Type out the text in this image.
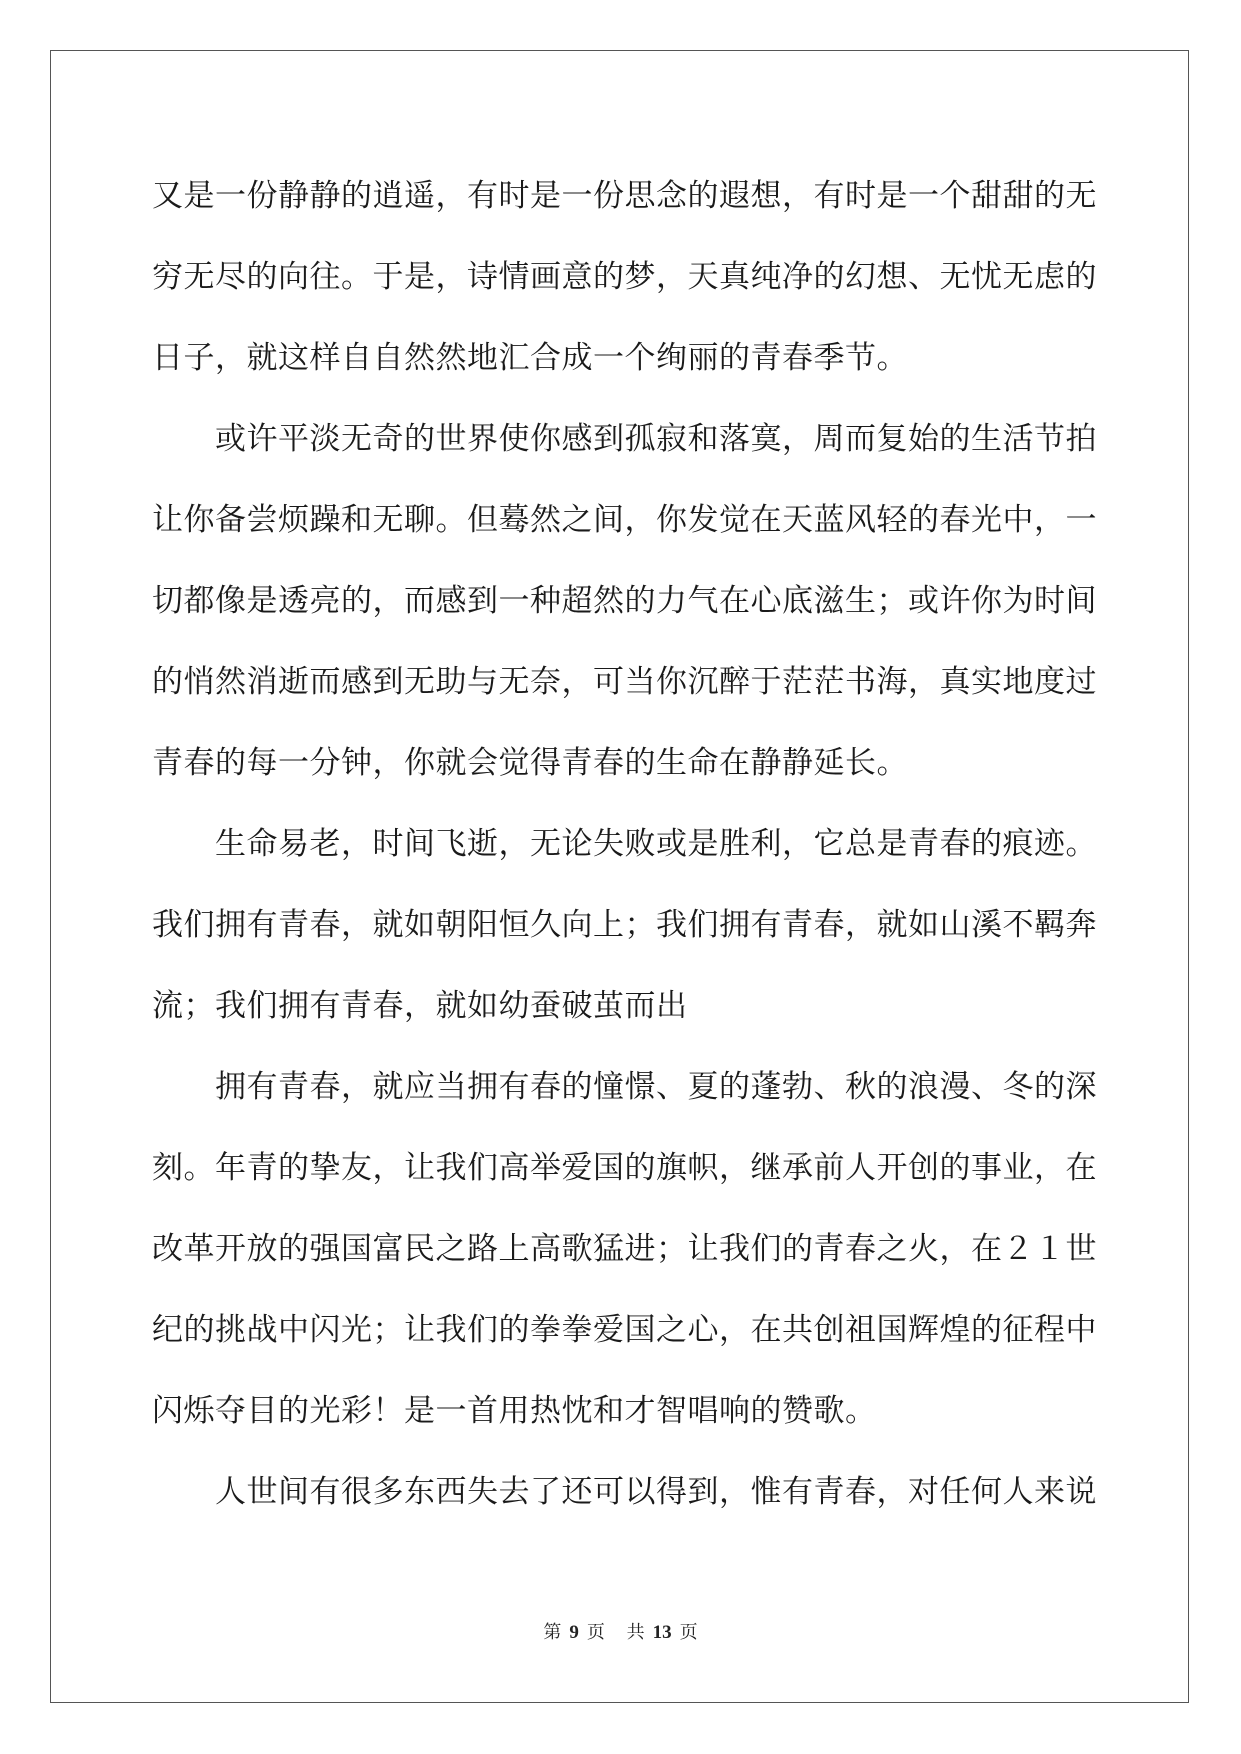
又是一份静静的逍遥，有时是一份思念的遐想，有时是一个甜甜的无
穷无尽的向往。于是，诗情画意的梦，天真纯净的幻想、无忧无虑的
日子，就这样自自然然地汇合成一个绚丽的青春季节。
　　或许平淡无奇的世界使你感到孤寂和落寞，周而复始的生活节拍
让你备尝烦躁和无聊。但蓦然之间，你发觉在天蓝风轻的春光中，一
切都像是透亮的，而感到一种超然的力气在心底滋生；或许你为时间
的悄然消逝而感到无助与无奈，可当你沉醉于茫茫书海，真实地度过
青春的每一分钟，你就会觉得青春的生命在静静延长。
　　生命易老，时间飞逝，无论失败或是胜利，它总是青春的痕迹。
我们拥有青春，就如朝阳恒久向上；我们拥有青春，就如山溪不羁奔
流；我们拥有青春，就如幼蚕破茧而出
　　拥有青春，就应当拥有春的憧憬、夏的蓬勃、秋的浪漫、冬的深
刻。年青的挚友，让我们高举爱国的旗帜，继承前人开创的事业，在
改革开放的强国富民之路上高歌猛进；让我们的青春之火，在２１世
纪的挑战中闪光；让我们的拳拳爱国之心，在共创祖国辉煌的征程中
闪烁夺目的光彩！是一首用热忱和才智唱响的赞歌。
　　人世间有很多东西失去了还可以得到，惟有青春，对任何人来说
第 9 页 共 13 页
